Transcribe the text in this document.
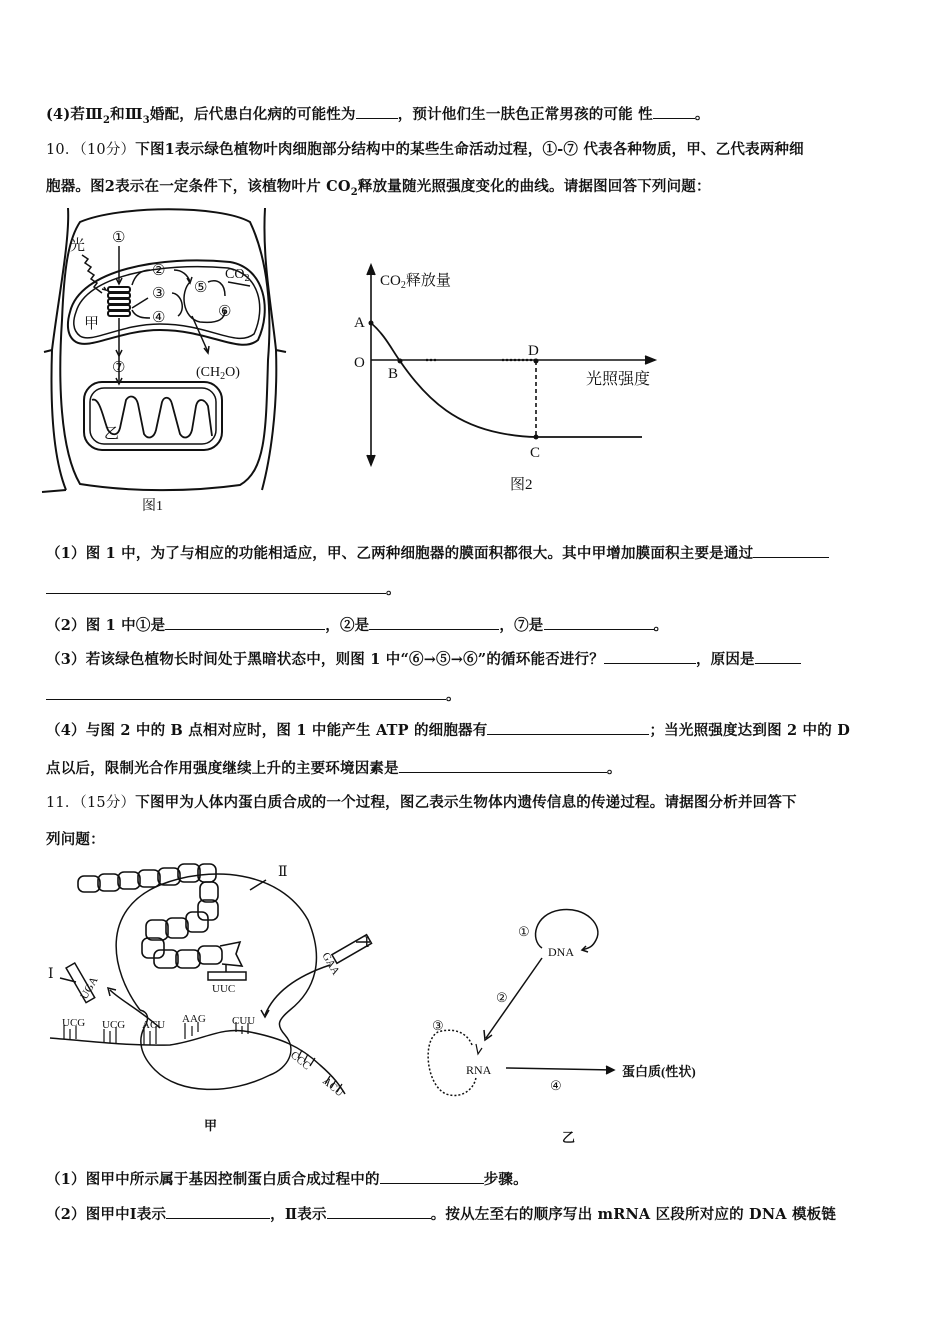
(4)若$Ⅲ_2$和$Ⅲ_3$婚配，后代患白化病的可能性为	，预计他们生一肤色正常男孩的可能 性	。
10．（10分）下图1表示绿色植物叶肉细胞部分结构中的某些生命活动过程，①-⑦ 代表各种物质，甲、乙代表两种细
胞器。图2表示在一定条件下，该植物叶片 $CO_2$释放量随光照强度变化的曲线。请据图回答下列问题：
光 ①
②
③
④
⑤
⑥
⑦
$CO_2$
$(CH_2O)$
甲
乙
图1
$CO_2$释放量
光照强度
A
O
B
D
C
图2
（1）图 1 中，为了与相应的功能相适应，甲、乙两种细胞器的膜面积都很大。其中甲增加膜面积主要是通过
。
（2）图 1 中①是	，②是	，⑦是	。
（3）若该绿色植物长时间处于黑暗状态中，则图 1 中“⑥→⑤→⑥”的循环能否进行？	，原因是
。
（4）与图 2 中的 B 点相对应时，图 1 中能产生 ATP 的细胞器有	；当光照强度达到图 2 中的 D
点以后，限制光合作用强度继续上升的主要环境因素是	。
11．（15分）下图甲为人体内蛋白质合成的一个过程，图乙表示生物体内遗传信息的传递过程。请据图分析并回答下
列问题：
UCG UCG ACU AAG CUU
CCC
ACU
UUC
UGA
GAA
Ⅰ
Ⅰ
Ⅱ
甲
①
DNA
②
③
RNA
④
蛋白质(性状)
乙
（1）图甲中所示属于基因控制蛋白质合成过程中的	步骤。
（2）图甲中Ⅰ表示	，Ⅱ表示	。按从左至右的顺序写出 mRNA 区段所对应的 DNA 模板链
